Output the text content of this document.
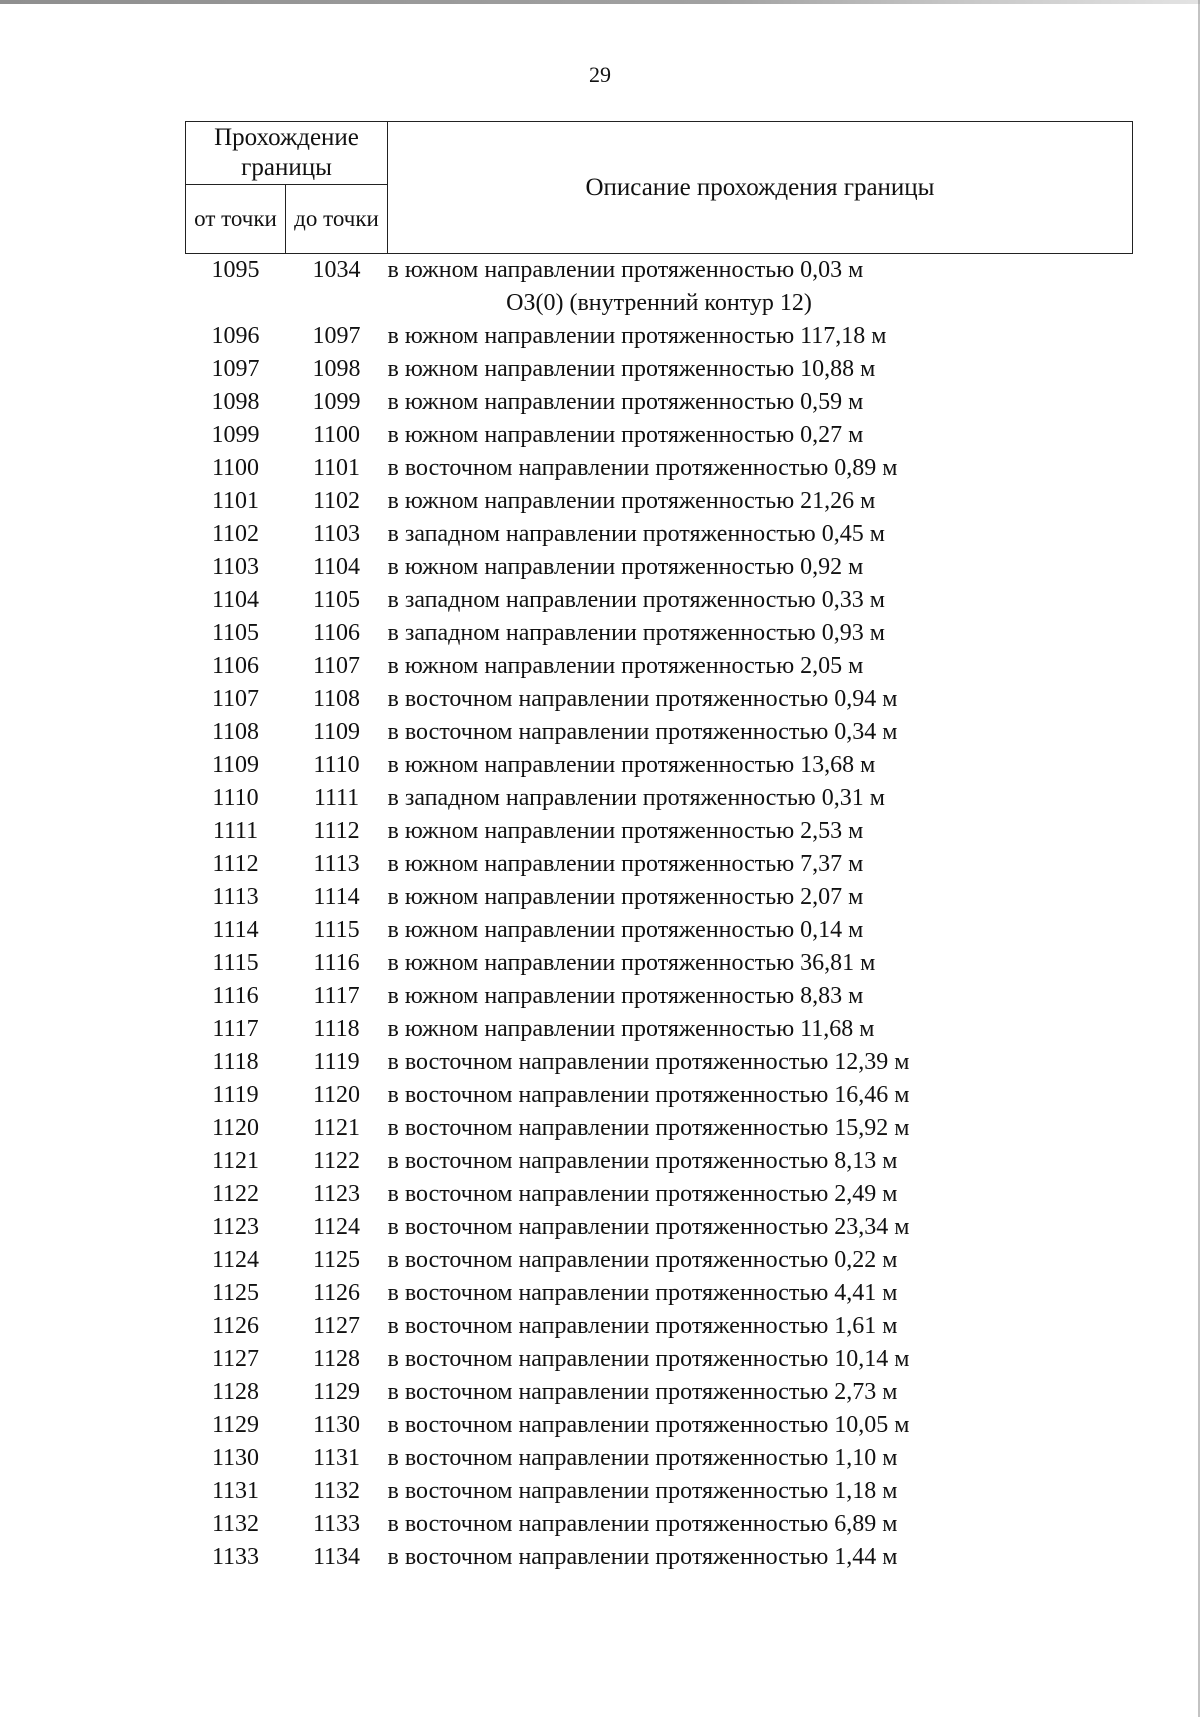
29
Прохождение границы		Описание прохождения границы
от точки	до точки	
1095	1034	в южном направлении протяженностью 0,03 м
ОЗ(0) (внутренний контур 12)		
1096	1097	в южном направлении протяженностью 117,18 м
1097	1098	в южном направлении протяженностью 10,88 м
1098	1099	в южном направлении протяженностью 0,59 м
1099	1100	в южном направлении протяженностью 0,27 м
1100	1101	в восточном направлении протяженностью 0,89 м
1101	1102	в южном направлении протяженностью 21,26 м
1102	1103	в западном направлении протяженностью 0,45 м
1103	1104	в южном направлении протяженностью 0,92 м
1104	1105	в западном направлении протяженностью 0,33 м
1105	1106	в западном направлении протяженностью 0,93 м
1106	1107	в южном направлении протяженностью 2,05 м
1107	1108	в восточном направлении протяженностью 0,94 м
1108	1109	в восточном направлении протяженностью 0,34 м
1109	1110	в южном направлении протяженностью 13,68 м
1110	1111	в западном направлении протяженностью 0,31 м
1111	1112	в южном направлении протяженностью 2,53 м
1112	1113	в южном направлении протяженностью 7,37 м
1113	1114	в южном направлении протяженностью 2,07 м
1114	1115	в южном направлении протяженностью 0,14 м
1115	1116	в южном направлении протяженностью 36,81 м
1116	1117	в южном направлении протяженностью 8,83 м
1117	1118	в южном направлении протяженностью 11,68 м
1118	1119	в восточном направлении протяженностью 12,39 м
1119	1120	в восточном направлении протяженностью 16,46 м
1120	1121	в восточном направлении протяженностью 15,92 м
1121	1122	в восточном направлении протяженностью 8,13 м
1122	1123	в восточном направлении протяженностью 2,49 м
1123	1124	в восточном направлении протяженностью 23,34 м
1124	1125	в восточном направлении протяженностью 0,22 м
1125	1126	в восточном направлении протяженностью 4,41 м
1126	1127	в восточном направлении протяженностью 1,61 м
1127	1128	в восточном направлении протяженностью 10,14 м
1128	1129	в восточном направлении протяженностью 2,73 м
1129	1130	в восточном направлении протяженностью 10,05 м
1130	1131	в восточном направлении протяженностью 1,10 м
1131	1132	в восточном направлении протяженностью 1,18 м
1132	1133	в восточном направлении протяженностью 6,89 м
1133	1134	в восточном направлении протяженностью 1,44 м
